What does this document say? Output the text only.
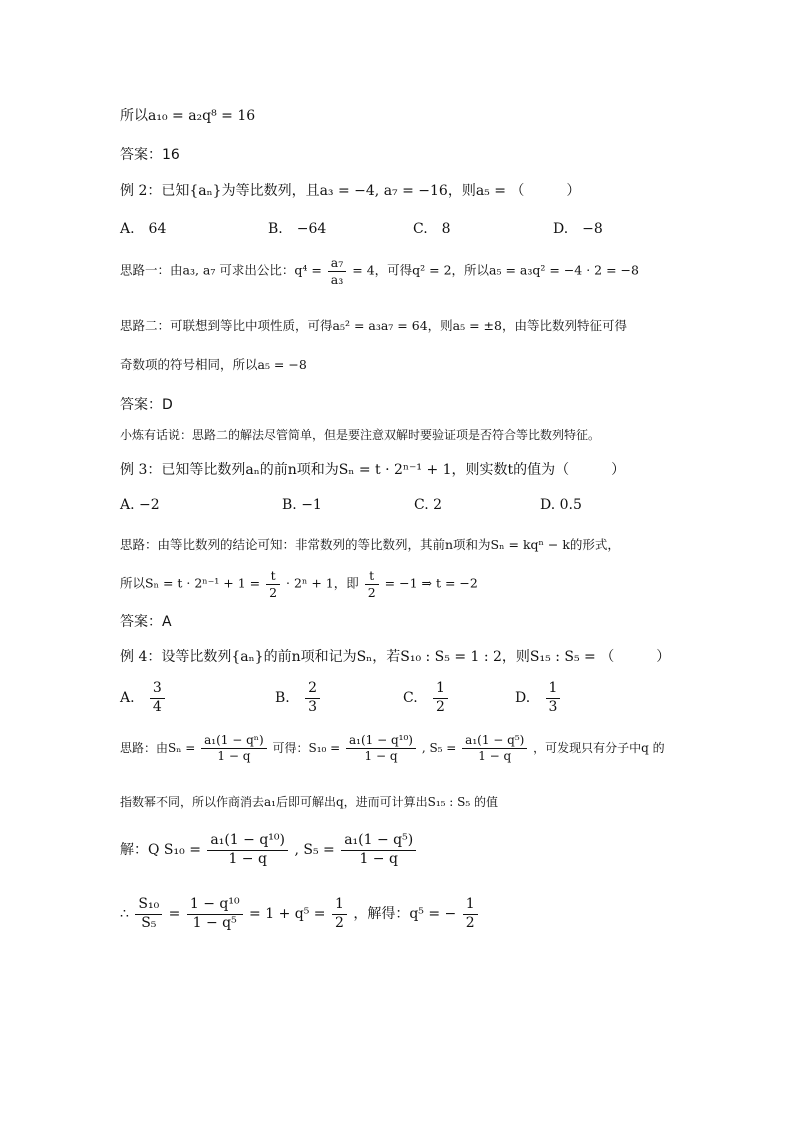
所以a₁₀ = a₂q⁸ = 16
答案：16
例 2：已知{aₙ}为等比数列，且a₃ = −4, a₇ = −16，则a₅ = （　　　）
A.　64	B.　−64	C.　8	D.　−8
思路一：由a₃, a₇ 可求出公比：$q^4 = \frac{\text{a₇}}{\text{a₃}} = 4$，可得q² = 2，所以a₅ = a₃q² = −4 · 2 = −8
思路二：可联想到等比中项性质，可得a₅² = a₃a₇ = 64，则a₅ = ±8，由等比数列特征可得
奇数项的符号相同，所以a₅ = −8
答案：D
小炼有话说：思路二的解法尽管简单，但是要注意双解时要验证项是否符合等比数列特征。
例 3：已知等比数列aₙ的前n项和为Sₙ = t · 2ⁿ⁻¹ + 1，则实数t的值为（　　　）
A. −2	B. −1	C. 2	D. 0.5
思路：由等比数列的结论可知：非常数列的等比数列，其前n项和为Sₙ = kqⁿ − k的形式，
所以$S_n = t \cdot 2^{n-1} + 1 = \frac{t}{2} \cdot 2^n + 1$，即 $\frac{t}{2} = -1$ ⇒ t = −2
答案：A
例 4：设等比数列{aₙ}的前n项和记为Sₙ，若S₁₀ : S₅ = 1 : 2，则S₁₅ : S₅ = （　　　）
A. $\frac{3}{4}$	B. $\frac{2}{3}$	C. $\frac{1}{2}$	D. $\frac{1}{3}$
思路：由$S_n = \frac{\text{a₁(1 − qⁿ)}}{1 - q}$ 可得：$S_{10} = \frac{\text{a₁(1 − q¹⁰)}}{1 - q}$ , $S_5 = \frac{\text{a₁(1 − q⁵)}}{1 - q}$ ，可发现只有分子中q 的
指数幂不同，所以作商消去a₁后即可解出q，进而可计算出S₁₅ : S₅ 的值
解：Q $S_{10} = \frac{\text{a₁(1 − q¹⁰)}}{1 - q}$ , $S_5 = \frac{\text{a₁(1 − q⁵)}}{1 - q}$
∴ $\frac{\text{S₁₀}}{\text{S₅}} = \frac{\text{1 − q¹⁰}}{\text{1 − q⁵}} = 1 + q^5 = \frac{1}{2}$ ，解得：q⁵ = − $\frac{1}{2}$
